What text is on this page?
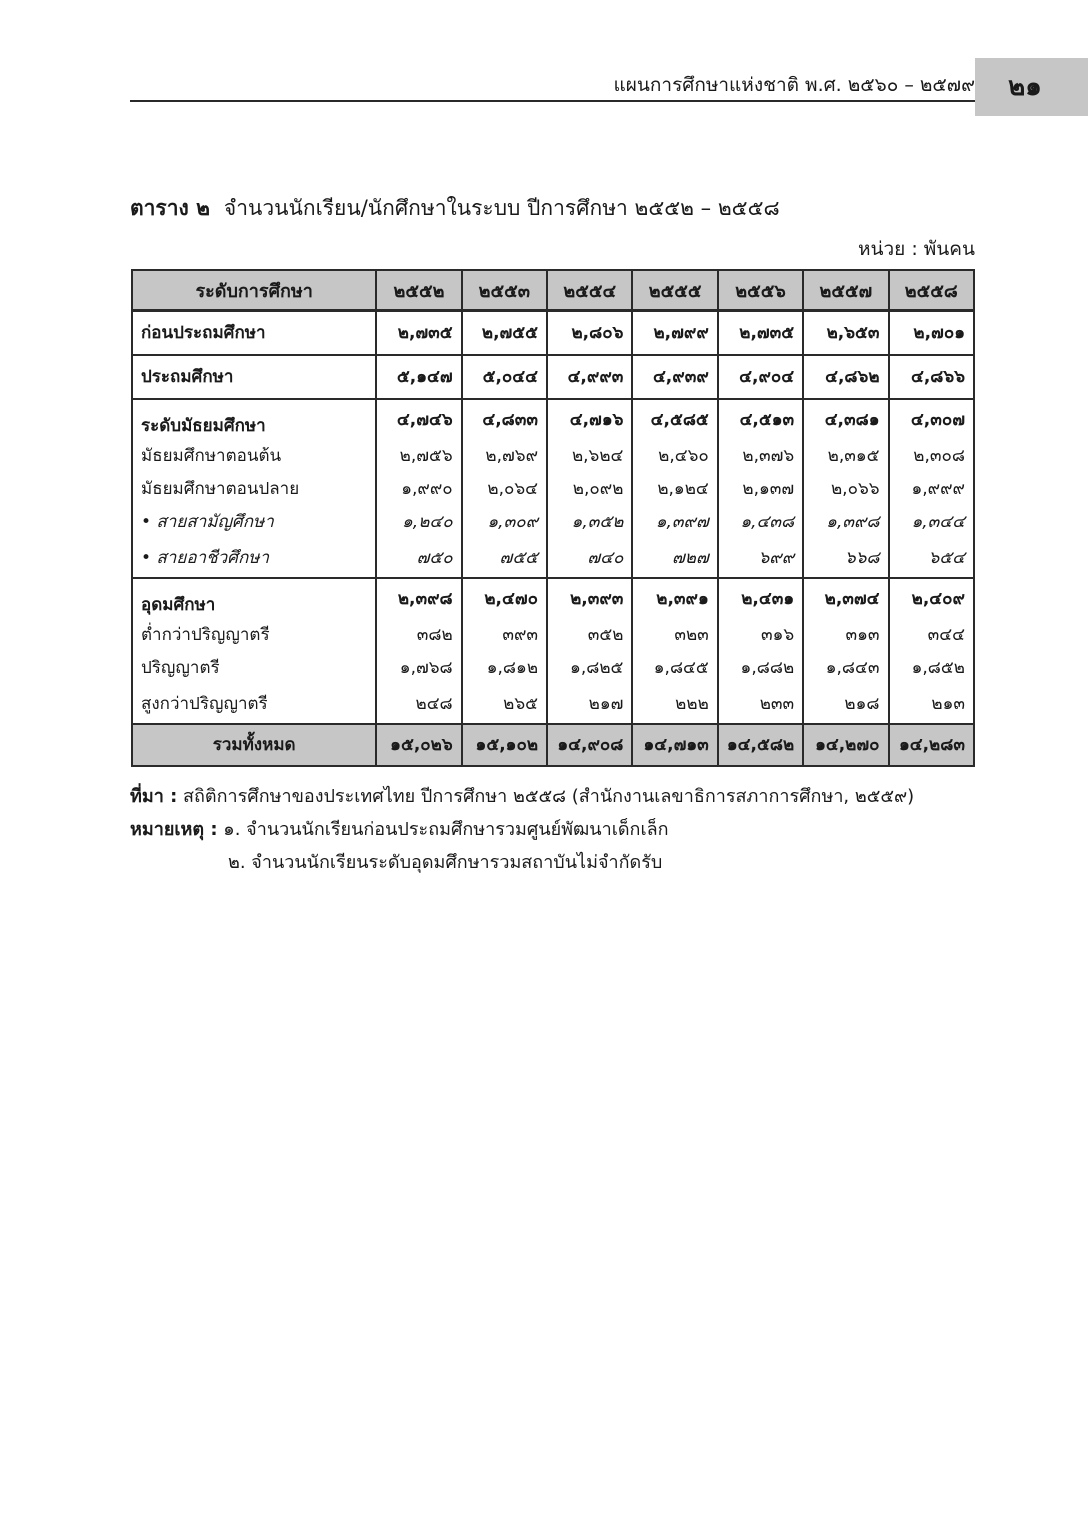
แผนการศึกษาแห่งชาติ พ.ศ. ๒๕๖๐ – ๒๕๗๙	๒๑
ตาราง ๒ จำนวนนักเรียน/นักศึกษาในระบบ ปีการศึกษา ๒๕๕๒ – ๒๕๕๘
หน่วย : พันคน
ระดับการศึกษา	๒๕๕๒	๒๕๕๓	๒๕๕๔	๒๕๕๕	๒๕๕๖	๒๕๕๗	๒๕๕๘
ก่อนประถมศึกษา	๒,๗๓๕	๒,๗๕๕	๒,๘๐๖	๒,๗๙๙	๒,๗๓๕	๒,๖๕๓	๒,๗๐๑
ประถมศึกษา	๕,๑๔๗	๕,๐๔๔	๔,๙๙๓	๔,๙๓๙	๔,๙๐๔	๔,๘๖๒	๔,๘๖๖
ระดับมัธยมศึกษา	๔,๗๔๖	๔,๘๓๓	๔,๗๑๖	๔,๕๘๕	๔,๕๑๓	๔,๓๘๑	๔,๓๐๗
มัธยมศึกษาตอนต้น	๒,๗๕๖	๒,๗๖๙	๒,๖๒๔	๒,๔๖๐	๒,๓๗๖	๒,๓๑๕	๒,๓๐๘
มัธยมศึกษาตอนปลาย	๑,๙๙๐	๒,๐๖๔	๒,๐๙๒	๒,๑๒๔	๒,๑๓๗	๒,๐๖๖	๑,๙๙๙
• สายสามัญศึกษา	๑,๒๔๐	๑,๓๐๙	๑,๓๕๒	๑,๓๙๗	๑,๔๓๘	๑,๓๙๘	๑,๓๔๔
• สายอาชีวศึกษา	๗๕๐	๗๕๕	๗๔๐	๗๒๗	๖๙๙	๖๖๘	๖๕๔
อุดมศึกษา	๒,๓๙๘	๒,๔๗๐	๒,๓๙๓	๒,๓๙๑	๒,๔๓๑	๒,๓๗๔	๒,๔๐๙
ต่ำกว่าปริญญาตรี	๓๘๒	๓๙๓	๓๕๒	๓๒๓	๓๑๖	๓๑๓	๓๔๔
ปริญญาตรี	๑,๗๖๘	๑,๘๑๒	๑,๘๒๕	๑,๘๔๕	๑,๘๘๒	๑,๘๔๓	๑,๘๕๒
สูงกว่าปริญญาตรี	๒๔๘	๒๖๕	๒๑๗	๒๒๒	๒๓๓	๒๑๘	๒๑๓
รวมทั้งหมด	๑๕,๐๒๖	๑๕,๑๐๒	๑๔,๙๐๘	๑๔,๗๑๓	๑๔,๕๘๒	๑๔,๒๗๐	๑๔,๒๘๓
ที่มา : สถิติการศึกษาของประเทศไทย ปีการศึกษา ๒๕๕๘ (สำนักงานเลขาธิการสภาการศึกษา, ๒๕๕๙)
หมายเหตุ : ๑. จำนวนนักเรียนก่อนประถมศึกษารวมศูนย์พัฒนาเด็กเล็ก
๒. จำนวนนักเรียนระดับอุดมศึกษารวมสถาบันไม่จำกัดรับ
